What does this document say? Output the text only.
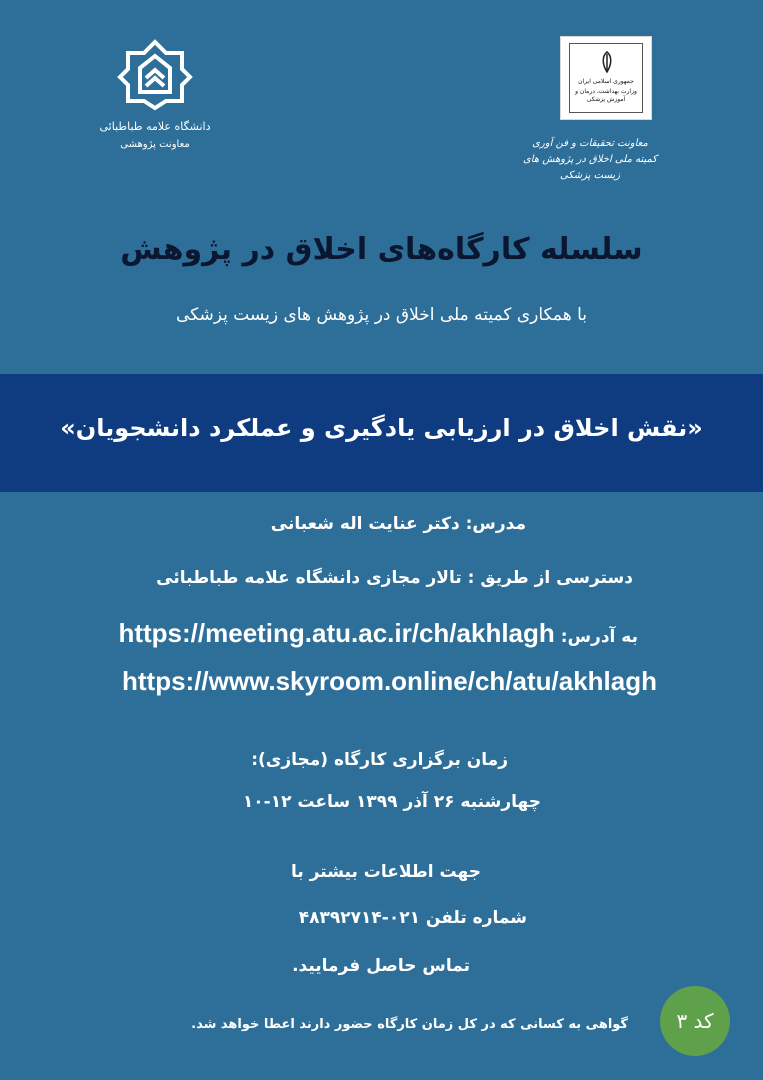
دانشگاه علامه طباطبائی
معاونت پژوهشی
جمهوری اسلامی ایران
وزارت بهداشت، درمان و آموزش پزشکی
معاونت تحقیقات و فن آوری
کمیته ملی اخلاق در پژوهش های زیست پزشکی
سلسله کارگاه‌های اخلاق در پژوهش
با همکاری کمیته ملی اخلاق در پژوهش های زیست پزشکی
«نقش اخلاق در ارزیابی یادگیری و عملکرد دانشجویان»
مدرس: دکتر عنایت اله شعبانی
دسترسی از طریق : تالار مجازی دانشگاه علامه طباطبائی
به آدرس:
https://meeting.atu.ac.ir/ch/akhlagh
https://www.skyroom.online/ch/atu/akhlagh
زمان برگزاری کارگاه (مجازی):
چهارشنبه ۲۶ آذر ۱۳۹۹ ساعت ۱۲-۱۰
جهت اطلاعات بیشتر با
شماره تلفن ۰۲۱-۴۸۳۹۲۷۱۴
تماس حاصل فرمایید.
گواهی به کسانی که در کل زمان کارگاه حضور دارند اعطا خواهد شد.	کد ۳
